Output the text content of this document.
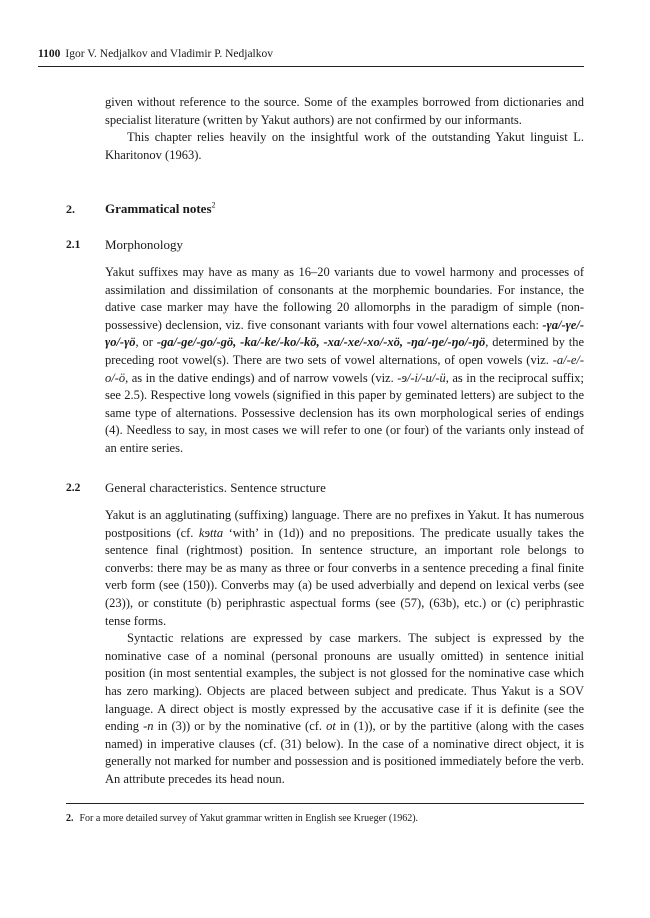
1100 Igor V. Nedjalkov and Vladimir P. Nedjalkov

given without reference to the source. Some of the examples borrowed from dictionaries and specialist literature (written by Yakut authors) are not confirmed by our informants.

This chapter relies heavily on the insightful work of the outstanding Yakut linguist L. Kharitonov (1963).

2. Grammatical notes$^2$
2.1 Morphonology

Yakut suffixes may have as many as 16–20 variants due to vowel harmony and processes of assimilation and dissimilation of consonants at the morphemic boundaries. For instance, the dative case marker may have the following 20 allomorphs in the paradigm of simple (non-possessive) declension, viz. five consonant variants with four vowel alternations each: -γa/-γe/-γo/-γö, or -ga/-ge/-go/-gö, -ka/-ke/-ko/-kö, -xa/-xe/-xo/-xö, -ŋa/-ŋe/-ŋo/-ŋö, determined by the preceding root vowel(s). There are two sets of vowel alternations, of open vowels (viz. -a/-e/-o/-ö, as in the dative endings) and of narrow vowels (viz. -ɘ/-i/-u/-ü, as in the reciprocal suffix; see 2.5). Respective long vowels (signified in this paper by geminated letters) are subject to the same type of alternations. Possessive declension has its own morphological series of endings (4). Needless to say, in most cases we will refer to one (or four) of the variants only instead of an entire series.

2.2 General characteristics. Sentence structure

Yakut is an agglutinating (suffixing) language. There are no prefixes in Yakut. It has numerous postpositions (cf. kɘtta ‘with’ in (1d)) and no prepositions. The predicate usually takes the sentence final (rightmost) position. In sentence structure, an important role belongs to converbs: there may be as many as three or four converbs in a sentence preceding a final finite verb form (see (150)). Converbs may (a) be used adverbially and depend on lexical verbs (see (23)), or constitute (b) periphrastic aspectual forms (see (57), (63b), etc.) or (c) periphrastic tense forms.

Syntactic relations are expressed by case markers. The subject is expressed by the nominative case of a nominal (personal pronouns are usually omitted) in sentence initial position (in most sentential examples, the subject is not glossed for the nominative case which has zero marking). Objects are placed between subject and predicate. Thus Yakut is a SOV language. A direct object is mostly expressed by the accusative case if it is definite (see the ending -n in (3)) or by the nominative (cf. ot in (1)), or by the partitive (along with the cases named) in imperative clauses (cf. (31) below). In the case of a nominative direct object, it is generally not marked for number and possession and is positioned immediately before the verb. An attribute precedes its head noun.

2. For a more detailed survey of Yakut grammar written in English see Krueger (1962).
